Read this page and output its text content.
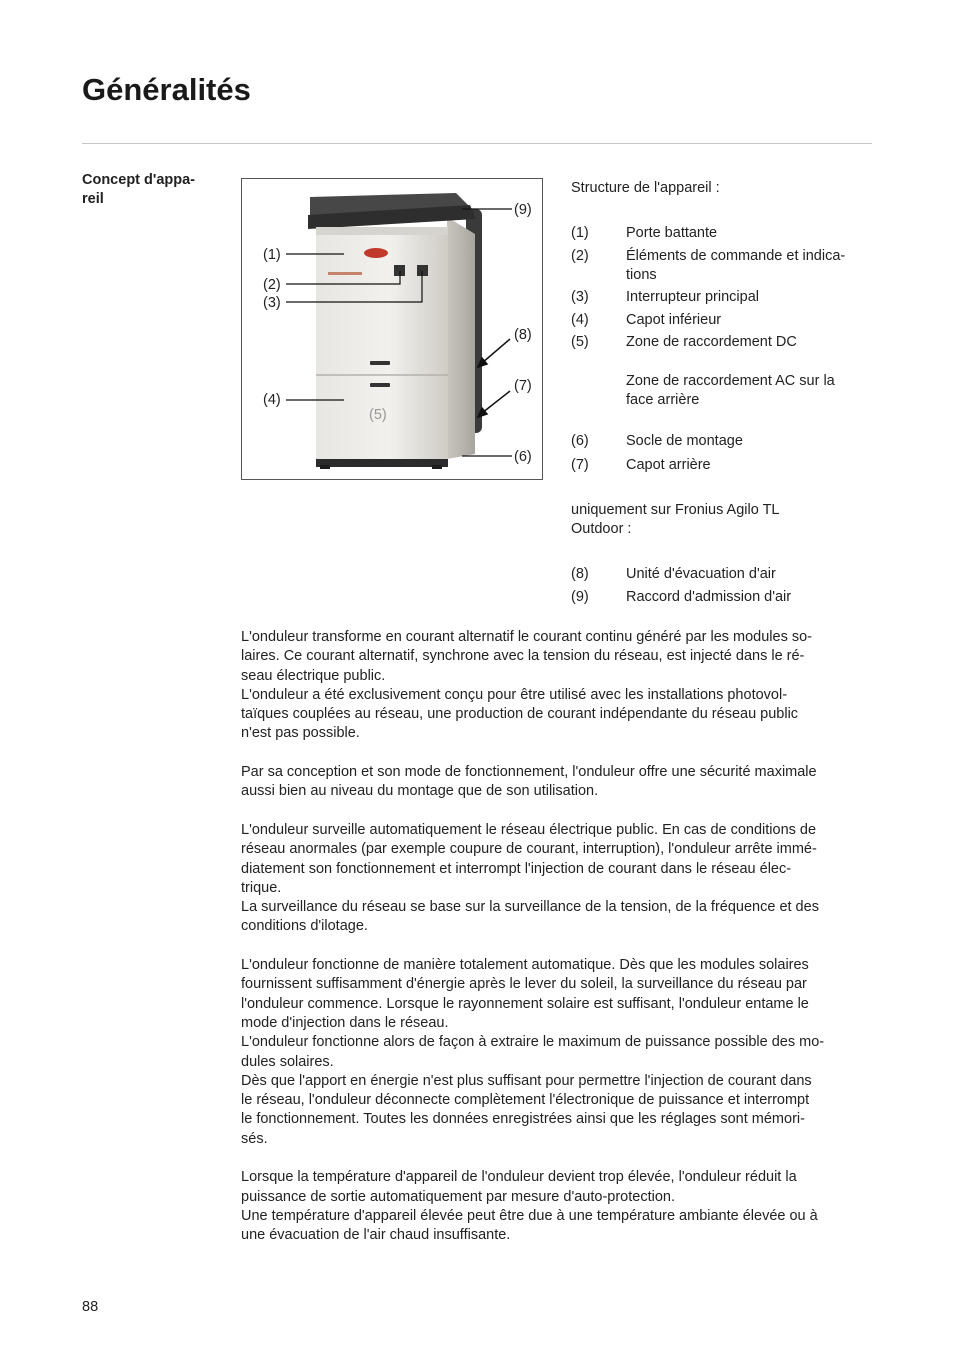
Généralités
Concept d'appa-
reil
(1)
(2)
(3)
(4)
(5)
(6)
(7)
(8)
(9)

Structure de l'appareil :

(1)	Porte battante
(2)	Éléments de commande et indica-
tions
(3)	Interrupteur principal
(4)	Capot inférieur
(5)	Zone de raccordement DC
Zone de raccordement AC sur la
face arrière
(6)	Socle de montage
(7)	Capot arrière

uniquement sur Fronius Agilo TL

Outdoor :

(8)	Unité d'évacuation d'air
(9)	Raccord d'admission d'air

L'onduleur transforme en courant alternatif le courant continu généré par les modules so-

laires. Ce courant alternatif, synchrone avec la tension du réseau, est injecté dans le ré-

seau électrique public.

L'onduleur a été exclusivement conçu pour être utilisé avec les installations photovol-

taïques couplées au réseau, une production de courant indépendante du réseau public

n'est pas possible.

Par sa conception et son mode de fonctionnement, l'onduleur offre une sécurité maximale

aussi bien au niveau du montage que de son utilisation.

L'onduleur surveille automatiquement le réseau électrique public. En cas de conditions de

réseau anormales (par exemple coupure de courant, interruption), l'onduleur arrête immé-

diatement son fonctionnement et interrompt l'injection de courant dans le réseau élec-

trique.

La surveillance du réseau se base sur la surveillance de la tension, de la fréquence et des

conditions d'ilotage.

L'onduleur fonctionne de manière totalement automatique. Dès que les modules solaires

fournissent suffisamment d'énergie après le lever du soleil, la surveillance du réseau par

l'onduleur commence. Lorsque le rayonnement solaire est suffisant, l'onduleur entame le

mode d'injection dans le réseau.

L'onduleur fonctionne alors de façon à extraire le maximum de puissance possible des mo-

dules solaires.

Dès que l'apport en énergie n'est plus suffisant pour permettre l'injection de courant dans

le réseau, l'onduleur déconnecte complètement l'électronique de puissance et interrompt

le fonctionnement. Toutes les données enregistrées ainsi que les réglages sont mémori-

sés.

Lorsque la température d'appareil de l'onduleur devient trop élevée, l'onduleur réduit la

puissance de sortie automatiquement par mesure d'auto-protection.

Une température d'appareil élevée peut être due à une température ambiante élevée ou à

une évacuation de l'air chaud insuffisante.

88
